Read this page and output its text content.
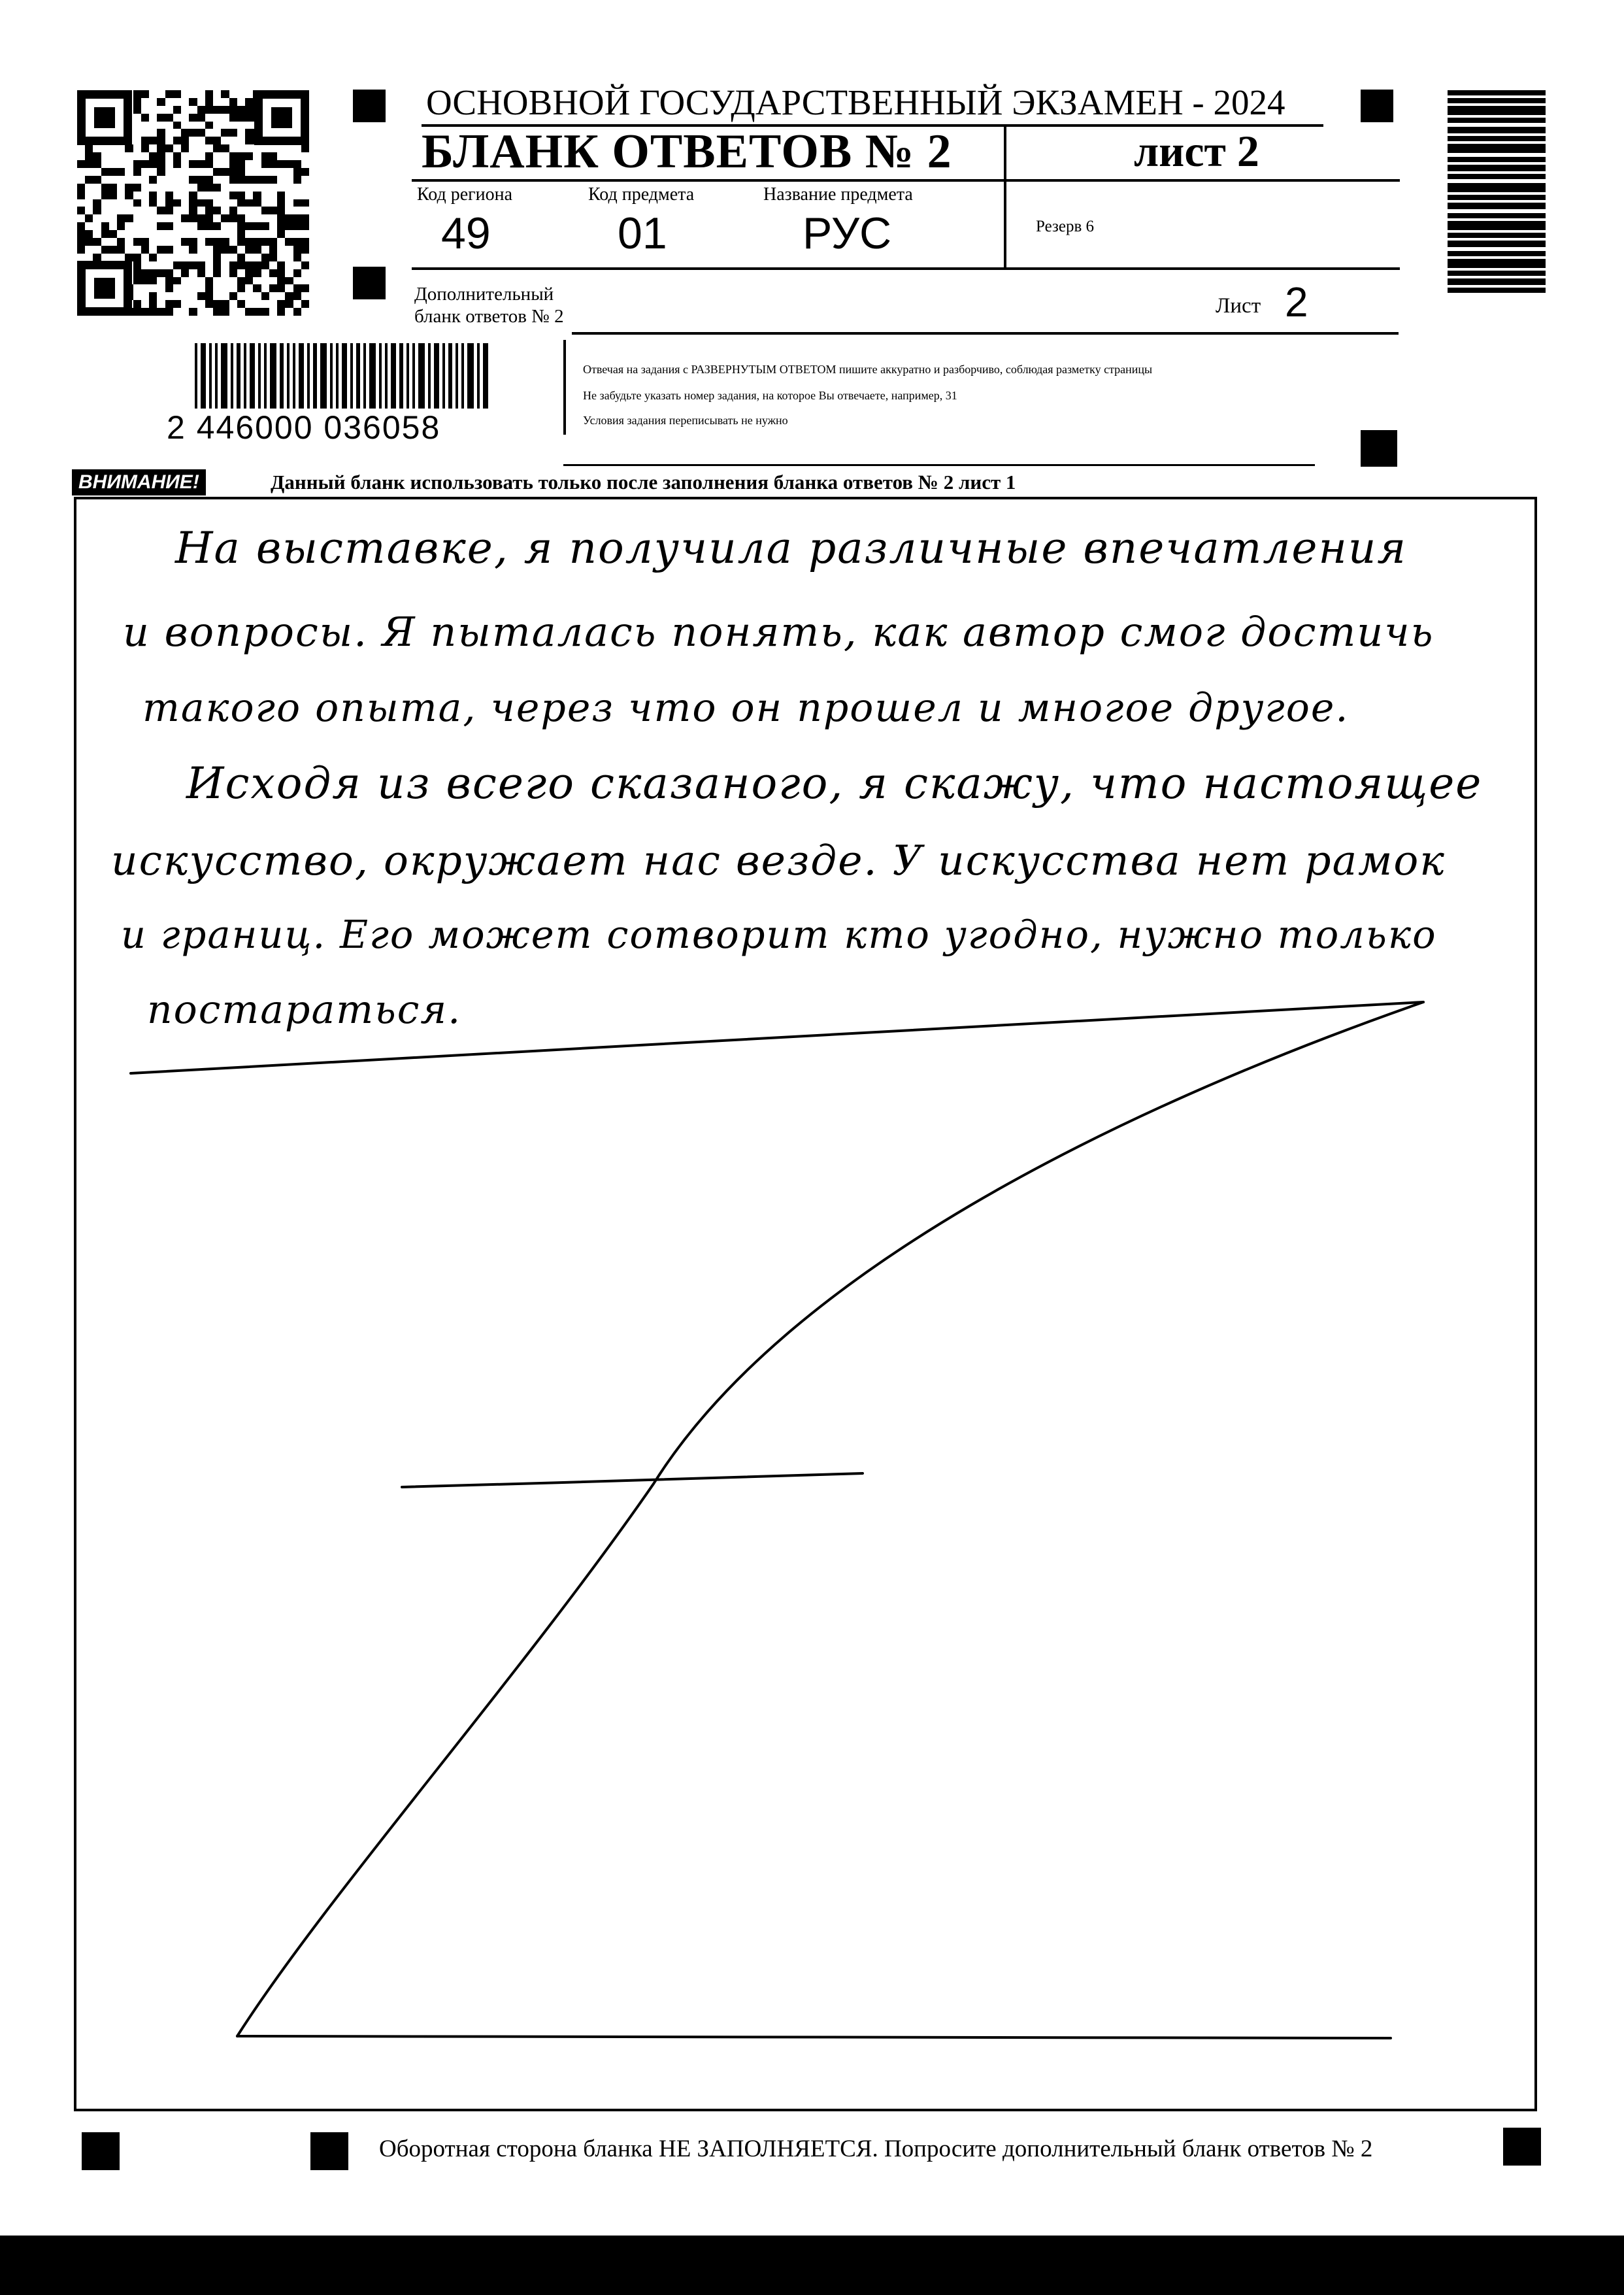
ОСНОВНОЙ ГОСУДАРСТВЕННЫЙ ЭКЗАМЕН - 2024
БЛАНК ОТВЕТОВ № 2	лист 2
Код региона	Код предмета	Название предмета
49	01	РУС	Резерв 6
Дополнительный
бланк ответов № 2	Лист 2
2 446000 036058
Отвечая на задания с РАЗВЕРНУТЫМ ОТВЕТОМ пишите аккуратно и разборчиво, соблюдая разметку страницы
Не забудьте указать номер задания, на которое Вы отвечаете, например, 31
Условия задания переписывать не нужно
ВНИМАНИЕ!	Данный бланк использовать только после заполнения бланка ответов № 2 лист 1
На выставке, я получила различные впечатления
и вопросы. Я пыталась понять, как автор смог достичь
такого опыта, через что он прошел и многое другое.
Исходя из всего сказаного, я скажу, что настоящее
искусство, окружает нас везде. У искусства нет рамок
и границ. Его может сотворит кто угодно, нужно только
постараться.
Оборотная сторона бланка НЕ ЗАПОЛНЯЕТСЯ. Попросите дополнительный бланк ответов № 2
